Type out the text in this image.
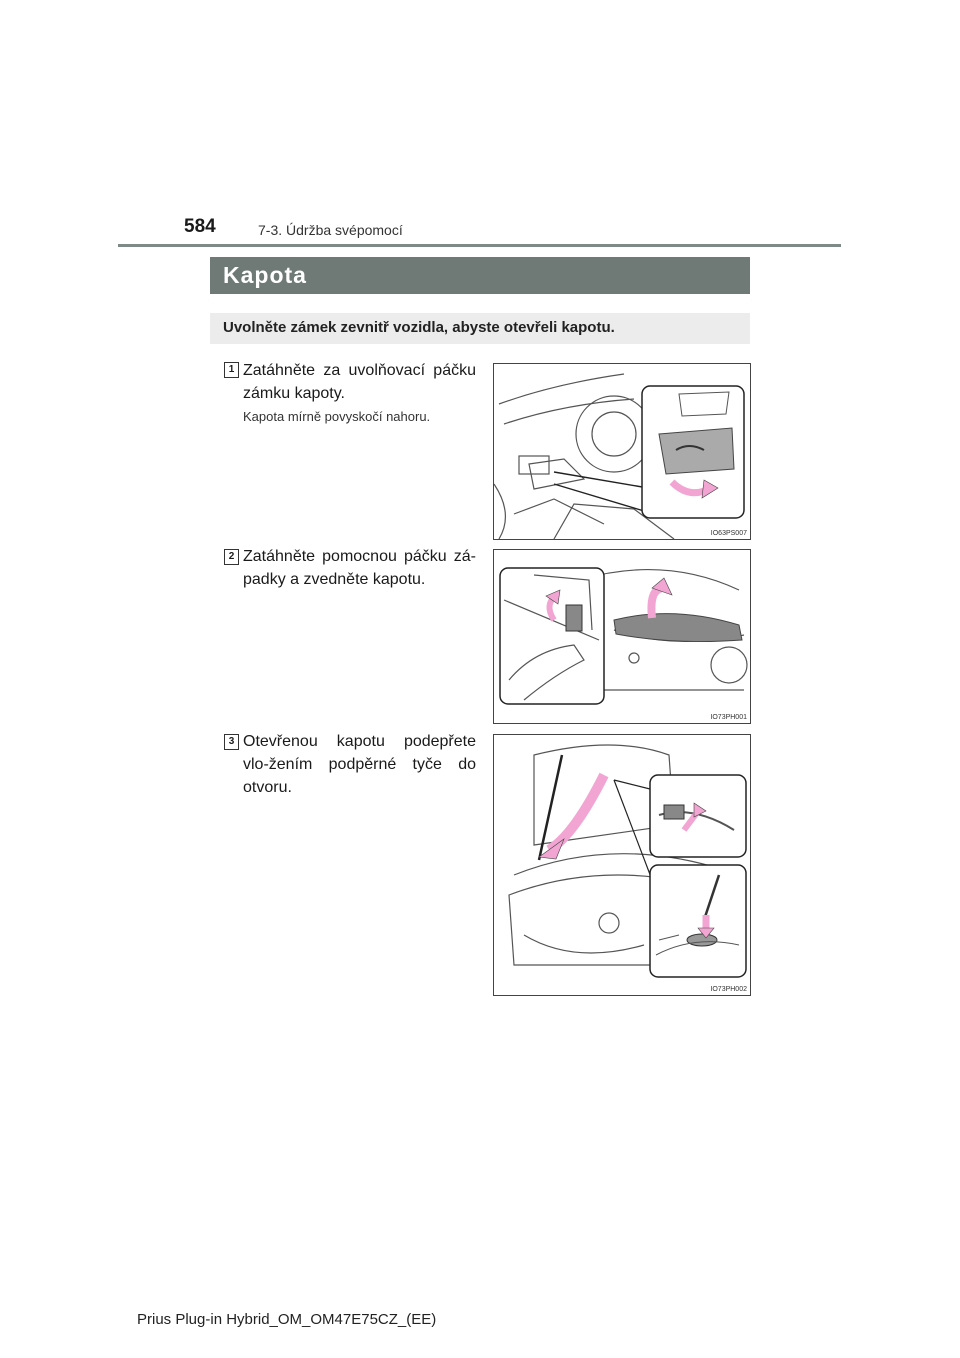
584	7-3. Údržba svépomocí
Kapota
Uvolněte zámek zevnitř vozidla, abyste otevřeli kapotu.
1 Zatáhněte za uvolňovací páčku zámku kapoty.
Kapota mírně povyskočí nahoru.
IO63PS007
2 Zatáhněte pomocnou páčku zá-padky a zvedněte kapotu.
IO73PH001
3 Otevřenou kapotu podepřete vlo-žením podpěrné tyče do otvoru.
IO73PH002
Prius Plug-in Hybrid_OM_OM47E75CZ_(EE)
